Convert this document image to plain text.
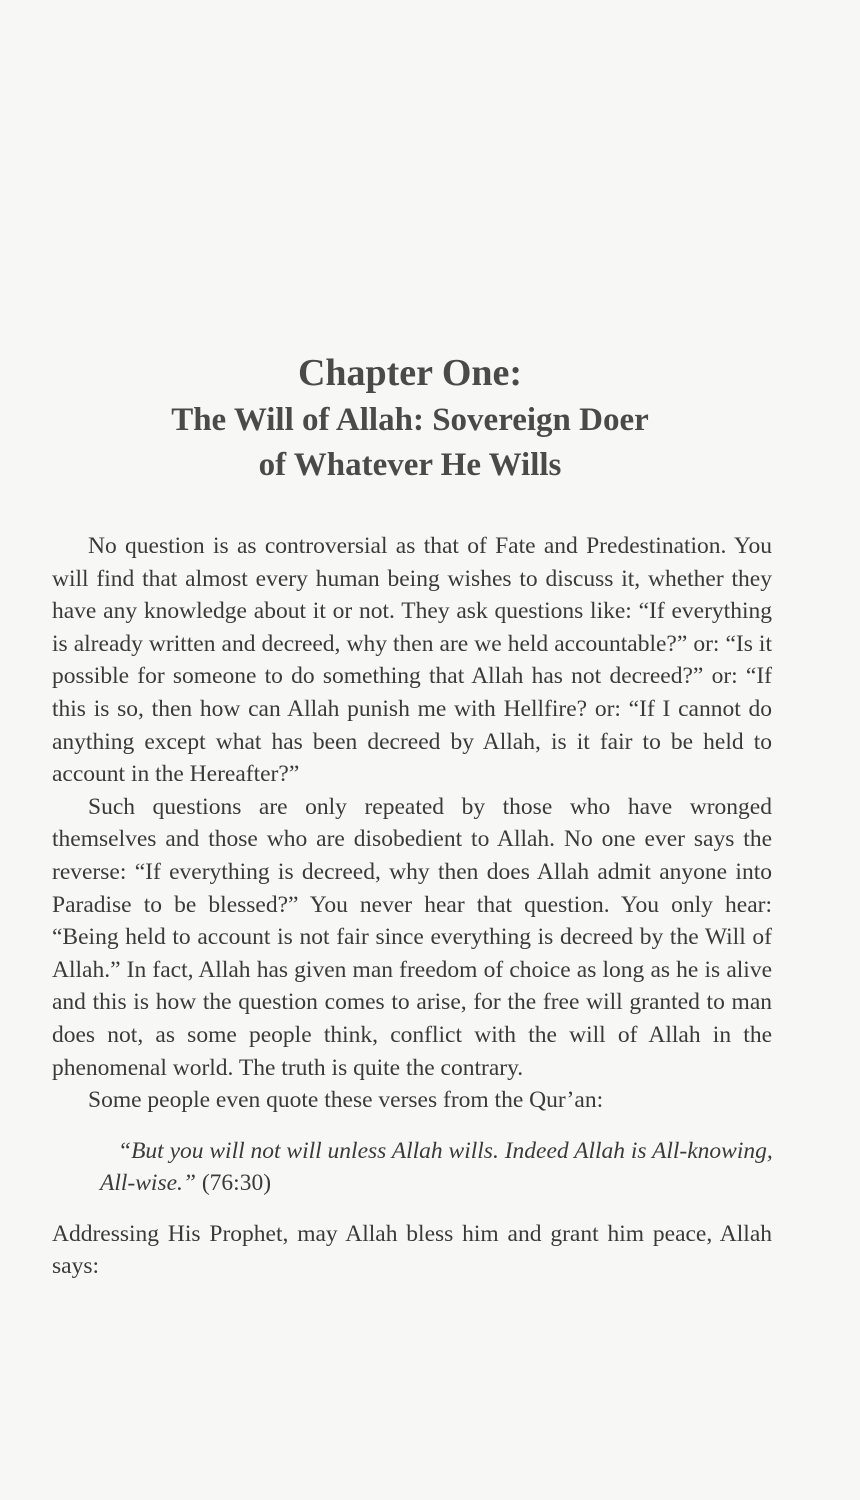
Chapter One:

The Will of Allah: Sovereign Doer
of Whatever He Wills

No question is as controversial as that of Fate and Predestination. You will find that almost every human being wishes to discuss it, whether they have any knowledge about it or not. They ask questions like: “If everything is already written and decreed, why then are we held accountable?” or: “Is it possible for someone to do something that Allah has not decreed?” or: “If this is so, then how can Allah punish me with Hellfire? or: “If I cannot do anything except what has been decreed by Allah, is it fair to be held to account in the Hereafter?”

Such questions are only repeated by those who have wronged themselves and those who are disobedient to Allah. No one ever says the reverse: “If everything is decreed, why then does Allah admit anyone into Paradise to be blessed?” You never hear that question. You only hear: “Being held to account is not fair since everything is decreed by the Will of Allah.” In fact, Allah has given man freedom of choice as long as he is alive and this is how the question comes to arise, for the free will granted to man does not, as some people think, conflict with the will of Allah in the phenomenal world. The truth is quite the contrary.

Some people even quote these verses from the Qur’an:

“But you will not will unless Allah wills. Indeed Allah is All-knowing, All-wise.” (76:30)

Addressing His Prophet, may Allah bless him and grant him peace, Allah says:
